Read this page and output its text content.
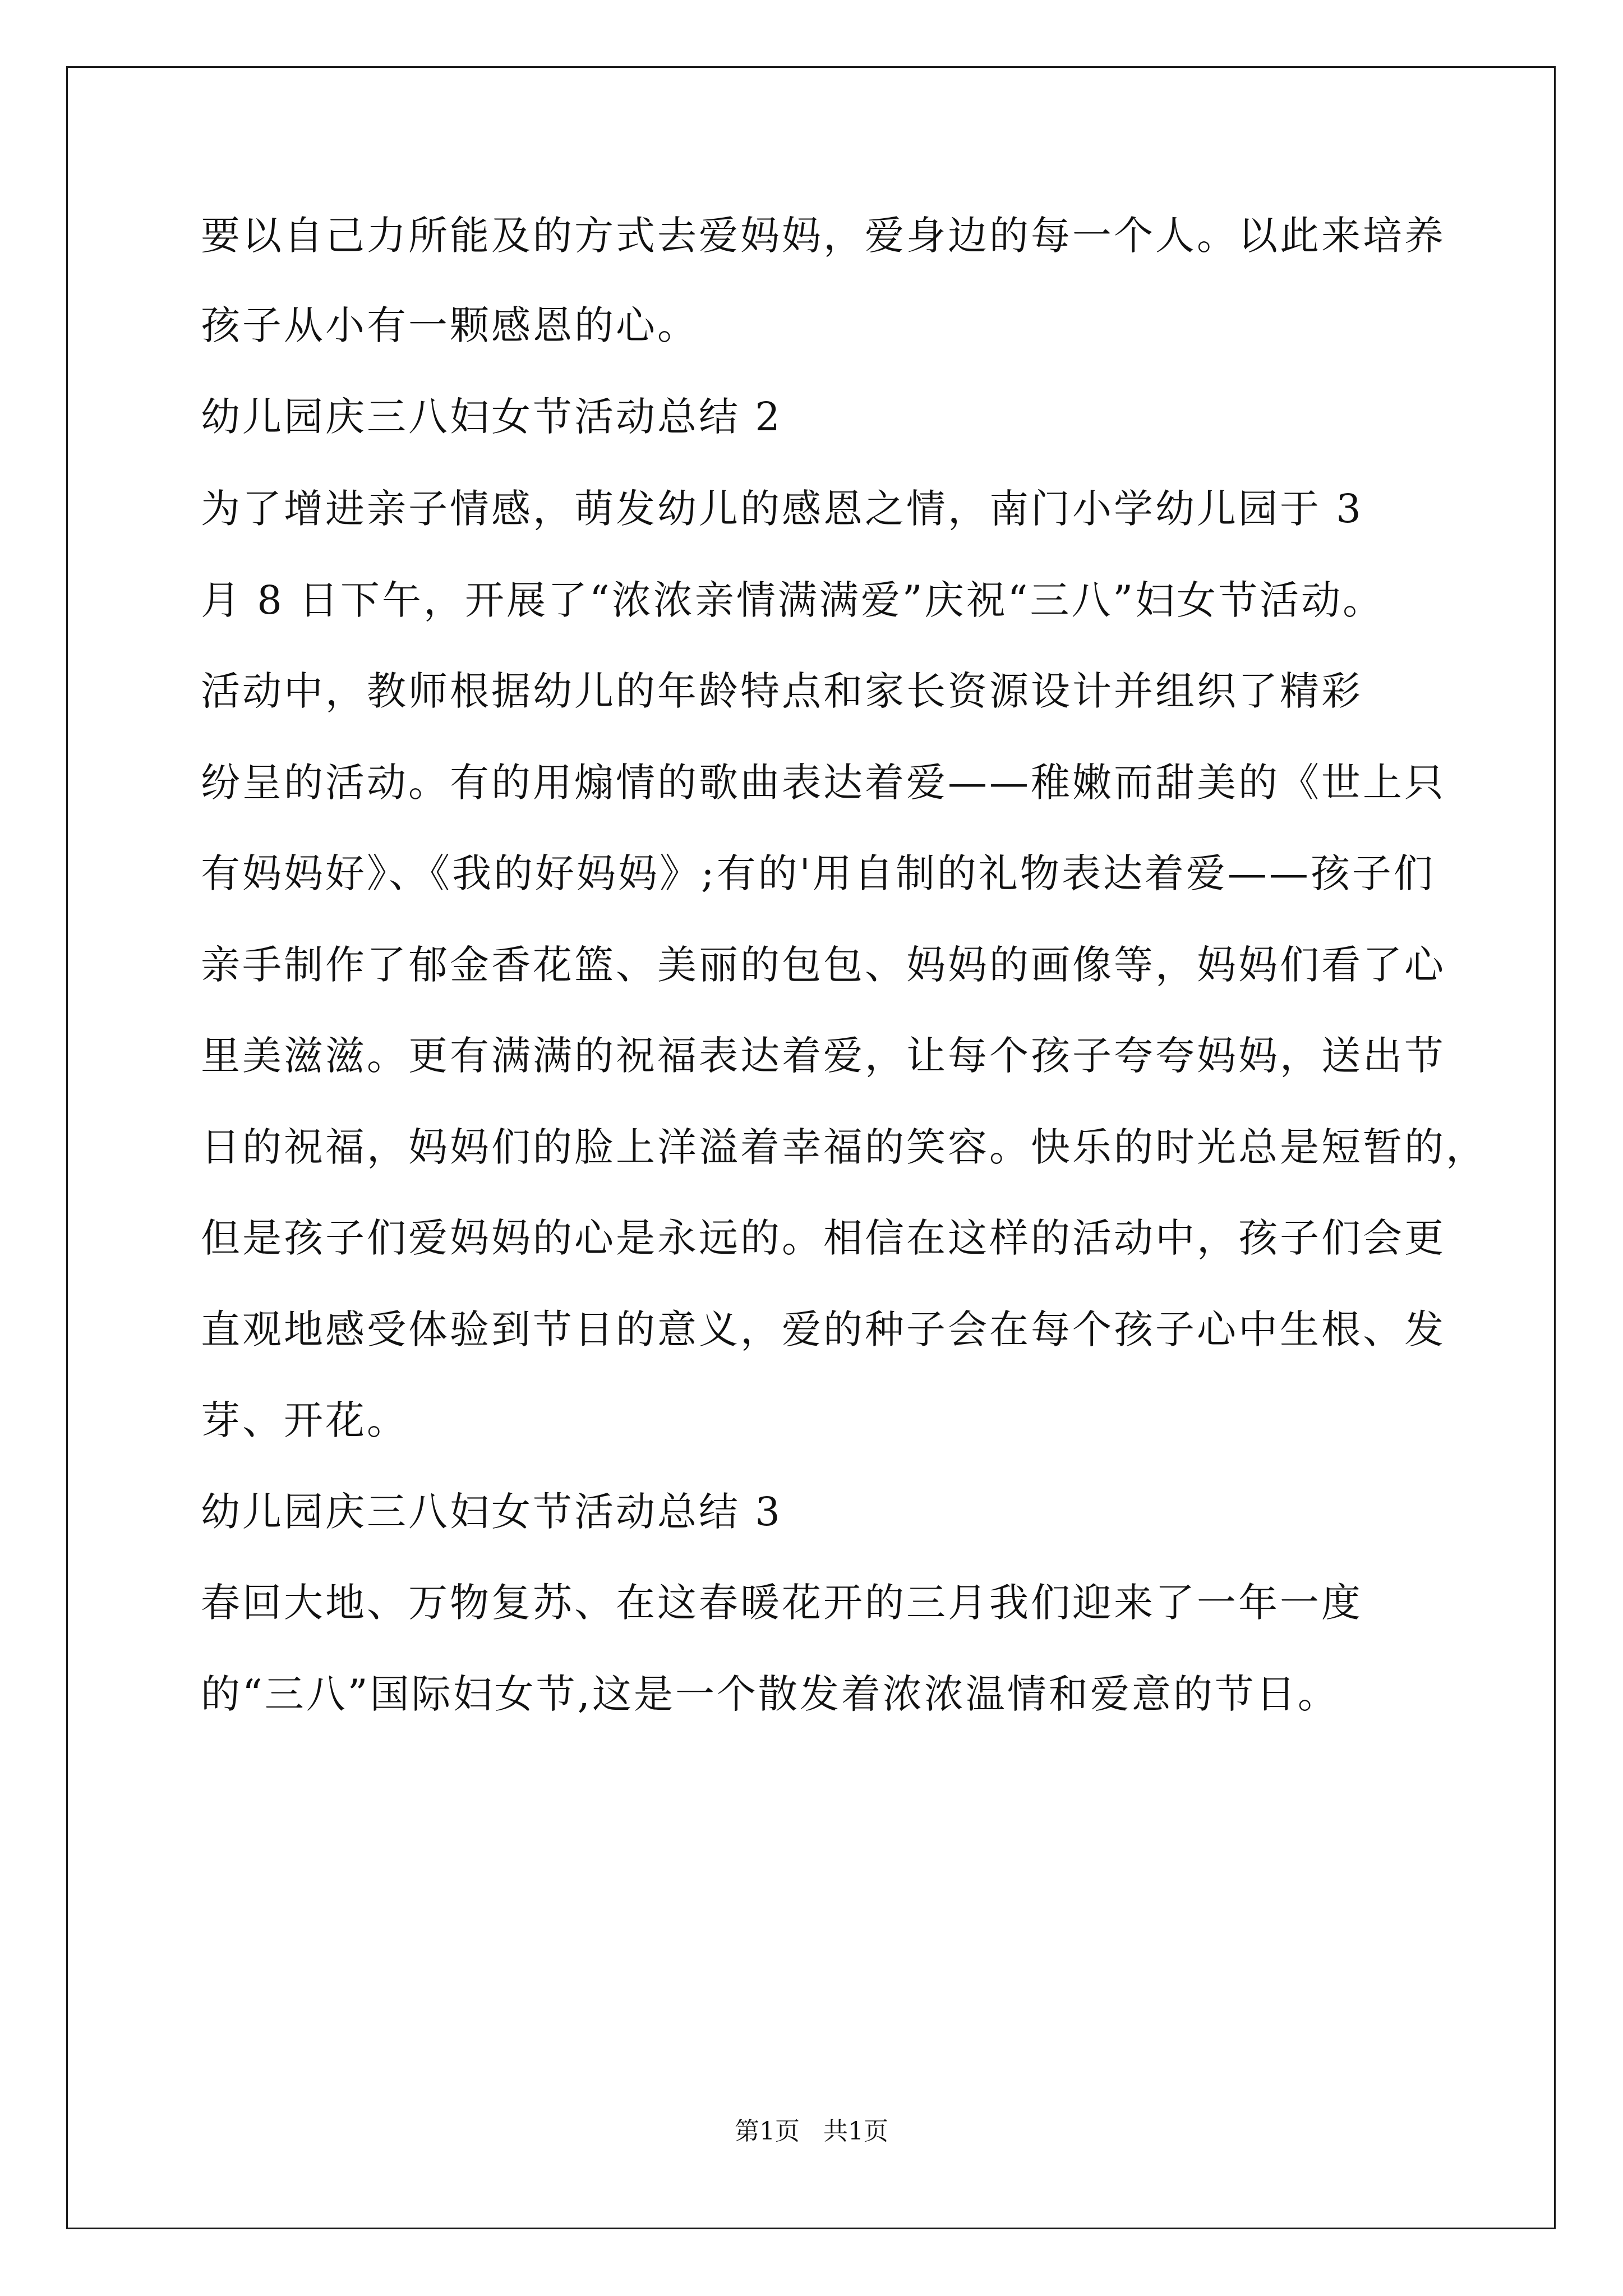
要以自己力所能及的方式去爱妈妈，爱身边的每一个人。以此来培养
孩子从小有一颗感恩的心。
幼儿园庆三八妇女节活动总结 2
为了增进亲子情感，萌发幼儿的感恩之情，南门小学幼儿园于 3
月 8 日下午，开展了“浓浓亲情满满爱”庆祝“三八”妇女节活动。
活动中，教师根据幼儿的年龄特点和家长资源设计并组织了精彩
纷呈的活动。有的用煽情的歌曲表达着爱——稚嫩而甜美的《世上只
有妈妈好》、《我的好妈妈》;有的'用自制的礼物表达着爱——孩子们
亲手制作了郁金香花篮、美丽的包包、妈妈的画像等，妈妈们看了心
里美滋滋。更有满满的祝福表达着爱，让每个孩子夸夸妈妈，送出节
日的祝福，妈妈们的脸上洋溢着幸福的笑容。快乐的时光总是短暂的，
但是孩子们爱妈妈的心是永远的。相信在这样的活动中，孩子们会更
直观地感受体验到节日的意义，爱的种子会在每个孩子心中生根、发
芽、开花。
幼儿园庆三八妇女节活动总结 3
春回大地、万物复苏、在这春暖花开的三月我们迎来了一年一度
的“三八”国际妇女节,这是一个散发着浓浓温情和爱意的节日。
第1页   共1页
